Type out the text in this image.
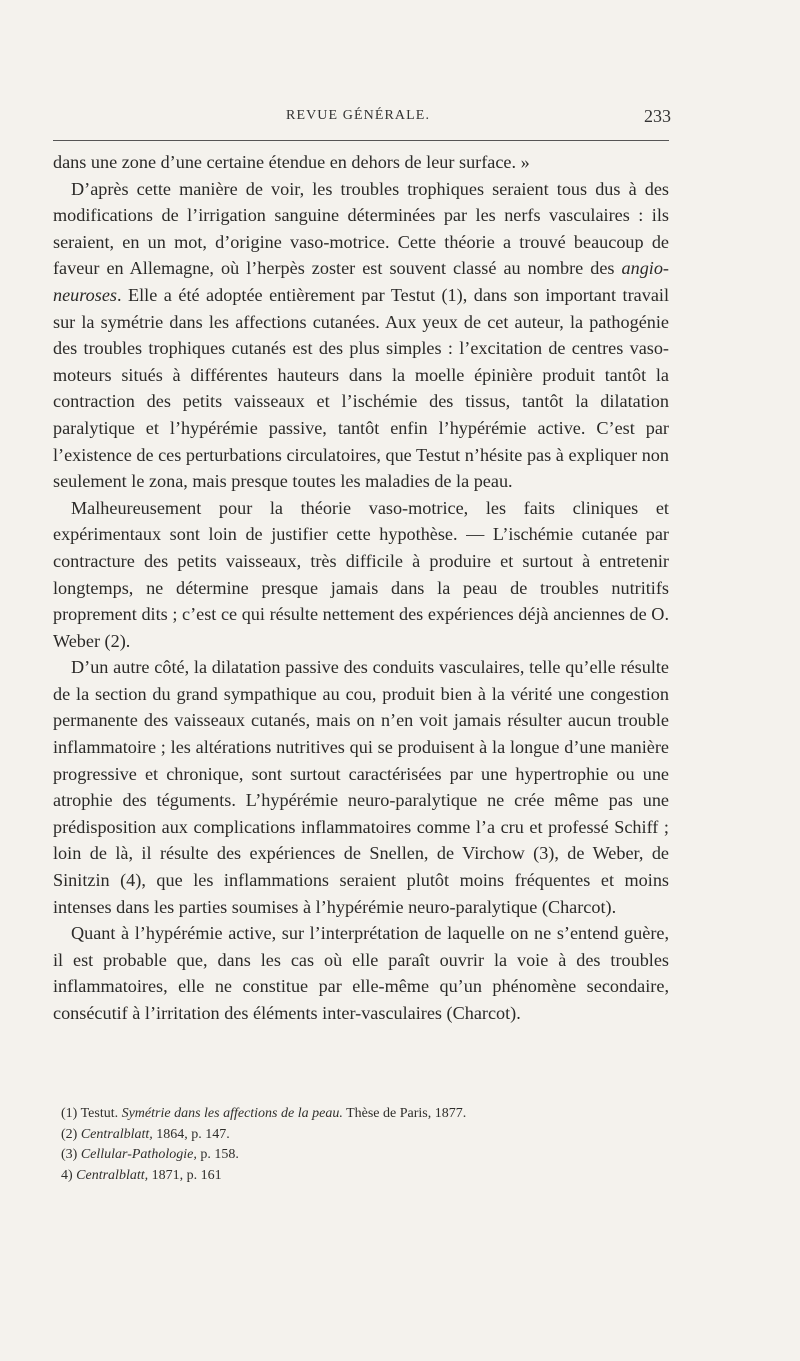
REVUE GÉNÉRALE.	233

dans une zone d’une certaine étendue en dehors de leur surface. »

D’après cette manière de voir, les troubles trophiques seraient tous dus à des modifications de l’irrigation sanguine déterminées par les nerfs vasculaires : ils seraient, en un mot, d’origine vaso-motrice. Cette théorie a trouvé beaucoup de faveur en Allemagne, où l’herpès zoster est souvent classé au nombre des angio-neuroses. Elle a été adoptée entièrement par Testut (1), dans son important travail sur la symétrie dans les affections cutanées. Aux yeux de cet auteur, la pathogénie des troubles trophiques cutanés est des plus simples : l’excitation de centres vaso-moteurs situés à différentes hauteurs dans la moelle épinière produit tantôt la contraction des petits vaisseaux et l’ischémie des tissus, tantôt la dilatation paralytique et l’hypérémie passive, tantôt enfin l’hypérémie active. C’est par l’existence de ces perturbations circulatoires, que Testut n’hésite pas à expliquer non seulement le zona, mais presque toutes les maladies de la peau.

Malheureusement pour la théorie vaso-motrice, les faits cliniques et expérimentaux sont loin de justifier cette hypothèse. — L’ischémie cutanée par contracture des petits vaisseaux, très difficile à produire et surtout à entretenir longtemps, ne détermine presque jamais dans la peau de troubles nutritifs proprement dits ; c’est ce qui résulte nettement des expériences déjà anciennes de O. Weber (2).

D’un autre côté, la dilatation passive des conduits vasculaires, telle qu’elle résulte de la section du grand sympathique au cou, produit bien à la vérité une congestion permanente des vaisseaux cutanés, mais on n’en voit jamais résulter aucun trouble inflammatoire ; les altérations nutritives qui se produisent à la longue d’une manière progressive et chronique, sont surtout caractérisées par une hypertrophie ou une atrophie des téguments. L’hypérémie neuro-paralytique ne crée même pas une prédisposition aux complications inflammatoires comme l’a cru et professé Schiff ; loin de là, il résulte des expériences de Snellen, de Virchow (3), de Weber, de Sinitzin (4), que les inflammations seraient plutôt moins fréquentes et moins intenses dans les parties soumises à l’hypérémie neuro-paralytique (Charcot).

Quant à l’hypérémie active, sur l’interprétation de laquelle on ne s’entend guère, il est probable que, dans les cas où elle paraît ouvrir la voie à des troubles inflammatoires, elle ne constitue par elle-même qu’un phénomène secondaire, consécutif à l’irritation des éléments inter-vasculaires (Charcot).

(1) Testut. Symétrie dans les affections de la peau. Thèse de Paris, 1877.
(2) Centralblatt, 1864, p. 147.
(3) Cellular-Pathologie, p. 158.
4) Centralblatt, 1871, p. 161
